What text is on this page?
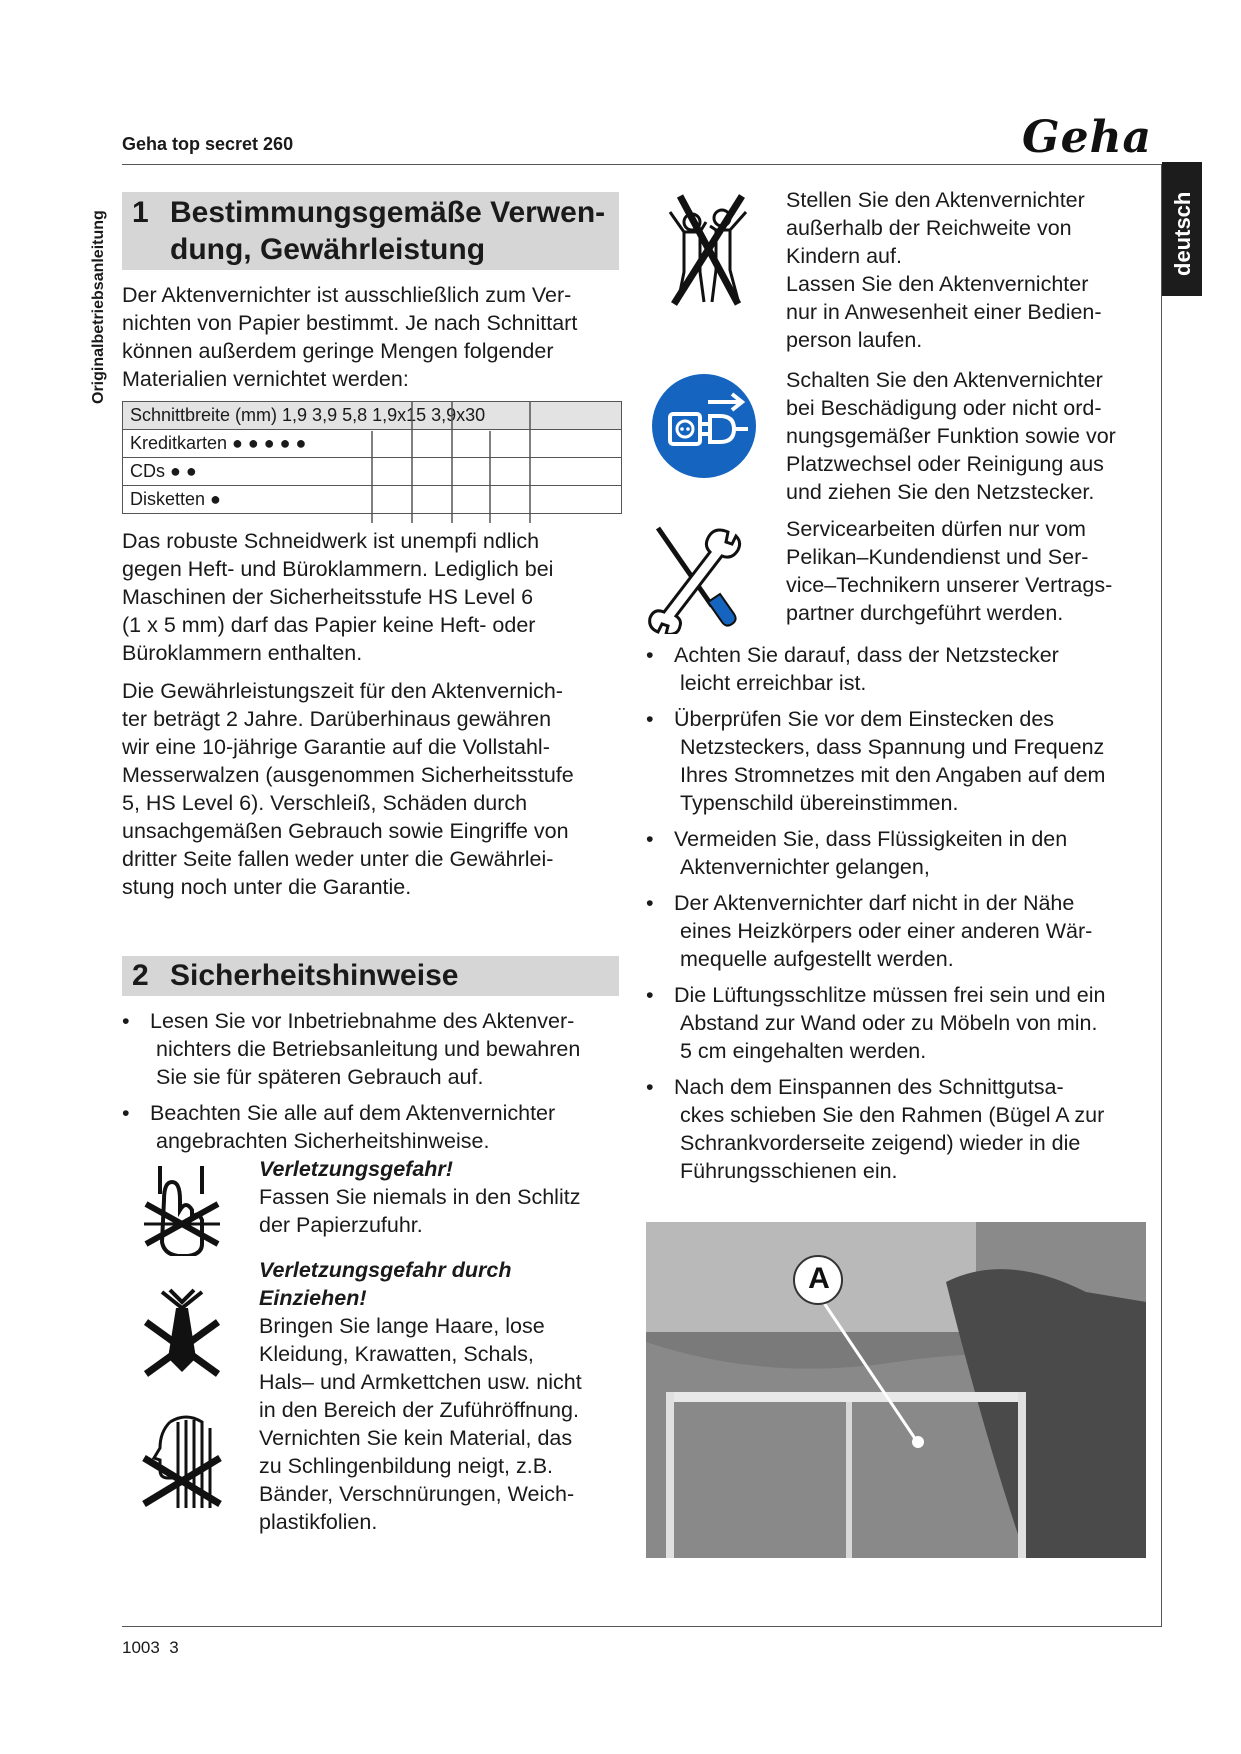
Geha top secret 260	Geha
Originalbetriebsanleitung	deutsch
1 Bestimmungsgemäße Verwen-
dung, Gewährleistung
Der Aktenvernichter ist ausschließlich zum Ver-
nichten von Papier bestimmt. Je nach Schnittart
können außerdem geringe Mengen folgender
Materialien vernichtet werden:
Schnittbreite (mm) 1,9 3,9 5,8 1,9x15 3,9x30
Kreditkarten ● ● ● ● ●
CDs ● ●
Disketten ●
Das robuste Schneidwerk ist unempfi ndlich
gegen Heft- und Büroklammern. Lediglich bei
Maschinen der Sicherheitsstufe HS Level 6
(1 x 5 mm) darf das Papier keine Heft- oder
Büroklammern enthalten.
Die Gewährleistungszeit für den Aktenvernich-
ter beträgt 2 Jahre. Darüberhinaus gewähren
wir eine 10-jährige Garantie auf die Vollstahl-
Messerwalzen (ausgenommen Sicherheitsstufe
5, HS Level 6). Verschleiß, Schäden durch
unsachgemäßen Gebrauch sowie Eingriffe von
dritter Seite fallen weder unter die Gewährlei-
stung noch unter die Garantie.
2 Sicherheitshinweise
• Lesen Sie vor Inbetriebnahme des Aktenver-
nichters die Betriebsanleitung und bewahren
Sie sie für späteren Gebrauch auf.
• Beachten Sie alle auf dem Aktenvernichter
angebrachten Sicherheitshinweise.
Verletzungsgefahr!
Fassen Sie niemals in den Schlitz
der Papierzufuhr.
Verletzungsgefahr durch
Einziehen!
Bringen Sie lange Haare, lose
Kleidung, Krawatten, Schals,
Hals– und Armkettchen usw. nicht
in den Bereich der Zuführöffnung.
Vernichten Sie kein Material, das
zu Schlingenbildung neigt, z.B.
Bänder, Verschnürungen, Weich-
plastikfolien.
Stellen Sie den Aktenvernichter
außerhalb der Reichweite von
Kindern auf.
Lassen Sie den Aktenvernichter
nur in Anwesenheit einer Bedien-
person laufen.
Schalten Sie den Aktenvernichter
bei Beschädigung oder nicht ord-
nungsgemäßer Funktion sowie vor
Platzwechsel oder Reinigung aus
und ziehen Sie den Netzstecker.
Servicearbeiten dürfen nur vom
Pelikan–Kundendienst und Ser-
vice–Technikern unserer Vertrags-
partner durchgeführt werden.
• Achten Sie darauf, dass der Netzstecker
leicht erreichbar ist.
• Überprüfen Sie vor dem Einstecken des
Netzsteckers, dass Spannung und Frequenz
Ihres Stromnetzes mit den Angaben auf dem
Typenschild übereinstimmen.
• Vermeiden Sie, dass Flüssigkeiten in den
Aktenvernichter gelangen,
• Der Aktenvernichter darf nicht in der Nähe
eines Heizkörpers oder einer anderen Wär-
mequelle aufgestellt werden.
• Die Lüftungsschlitze müssen frei sein und ein
Abstand zur Wand oder zu Möbeln von min.
5 cm eingehalten werden.
• Nach dem Einspannen des Schnittgutsa-
ckes schieben Sie den Rahmen (Bügel A zur
Schrankvorderseite zeigend) wieder in die
Führungsschienen ein.
A
1003 3
